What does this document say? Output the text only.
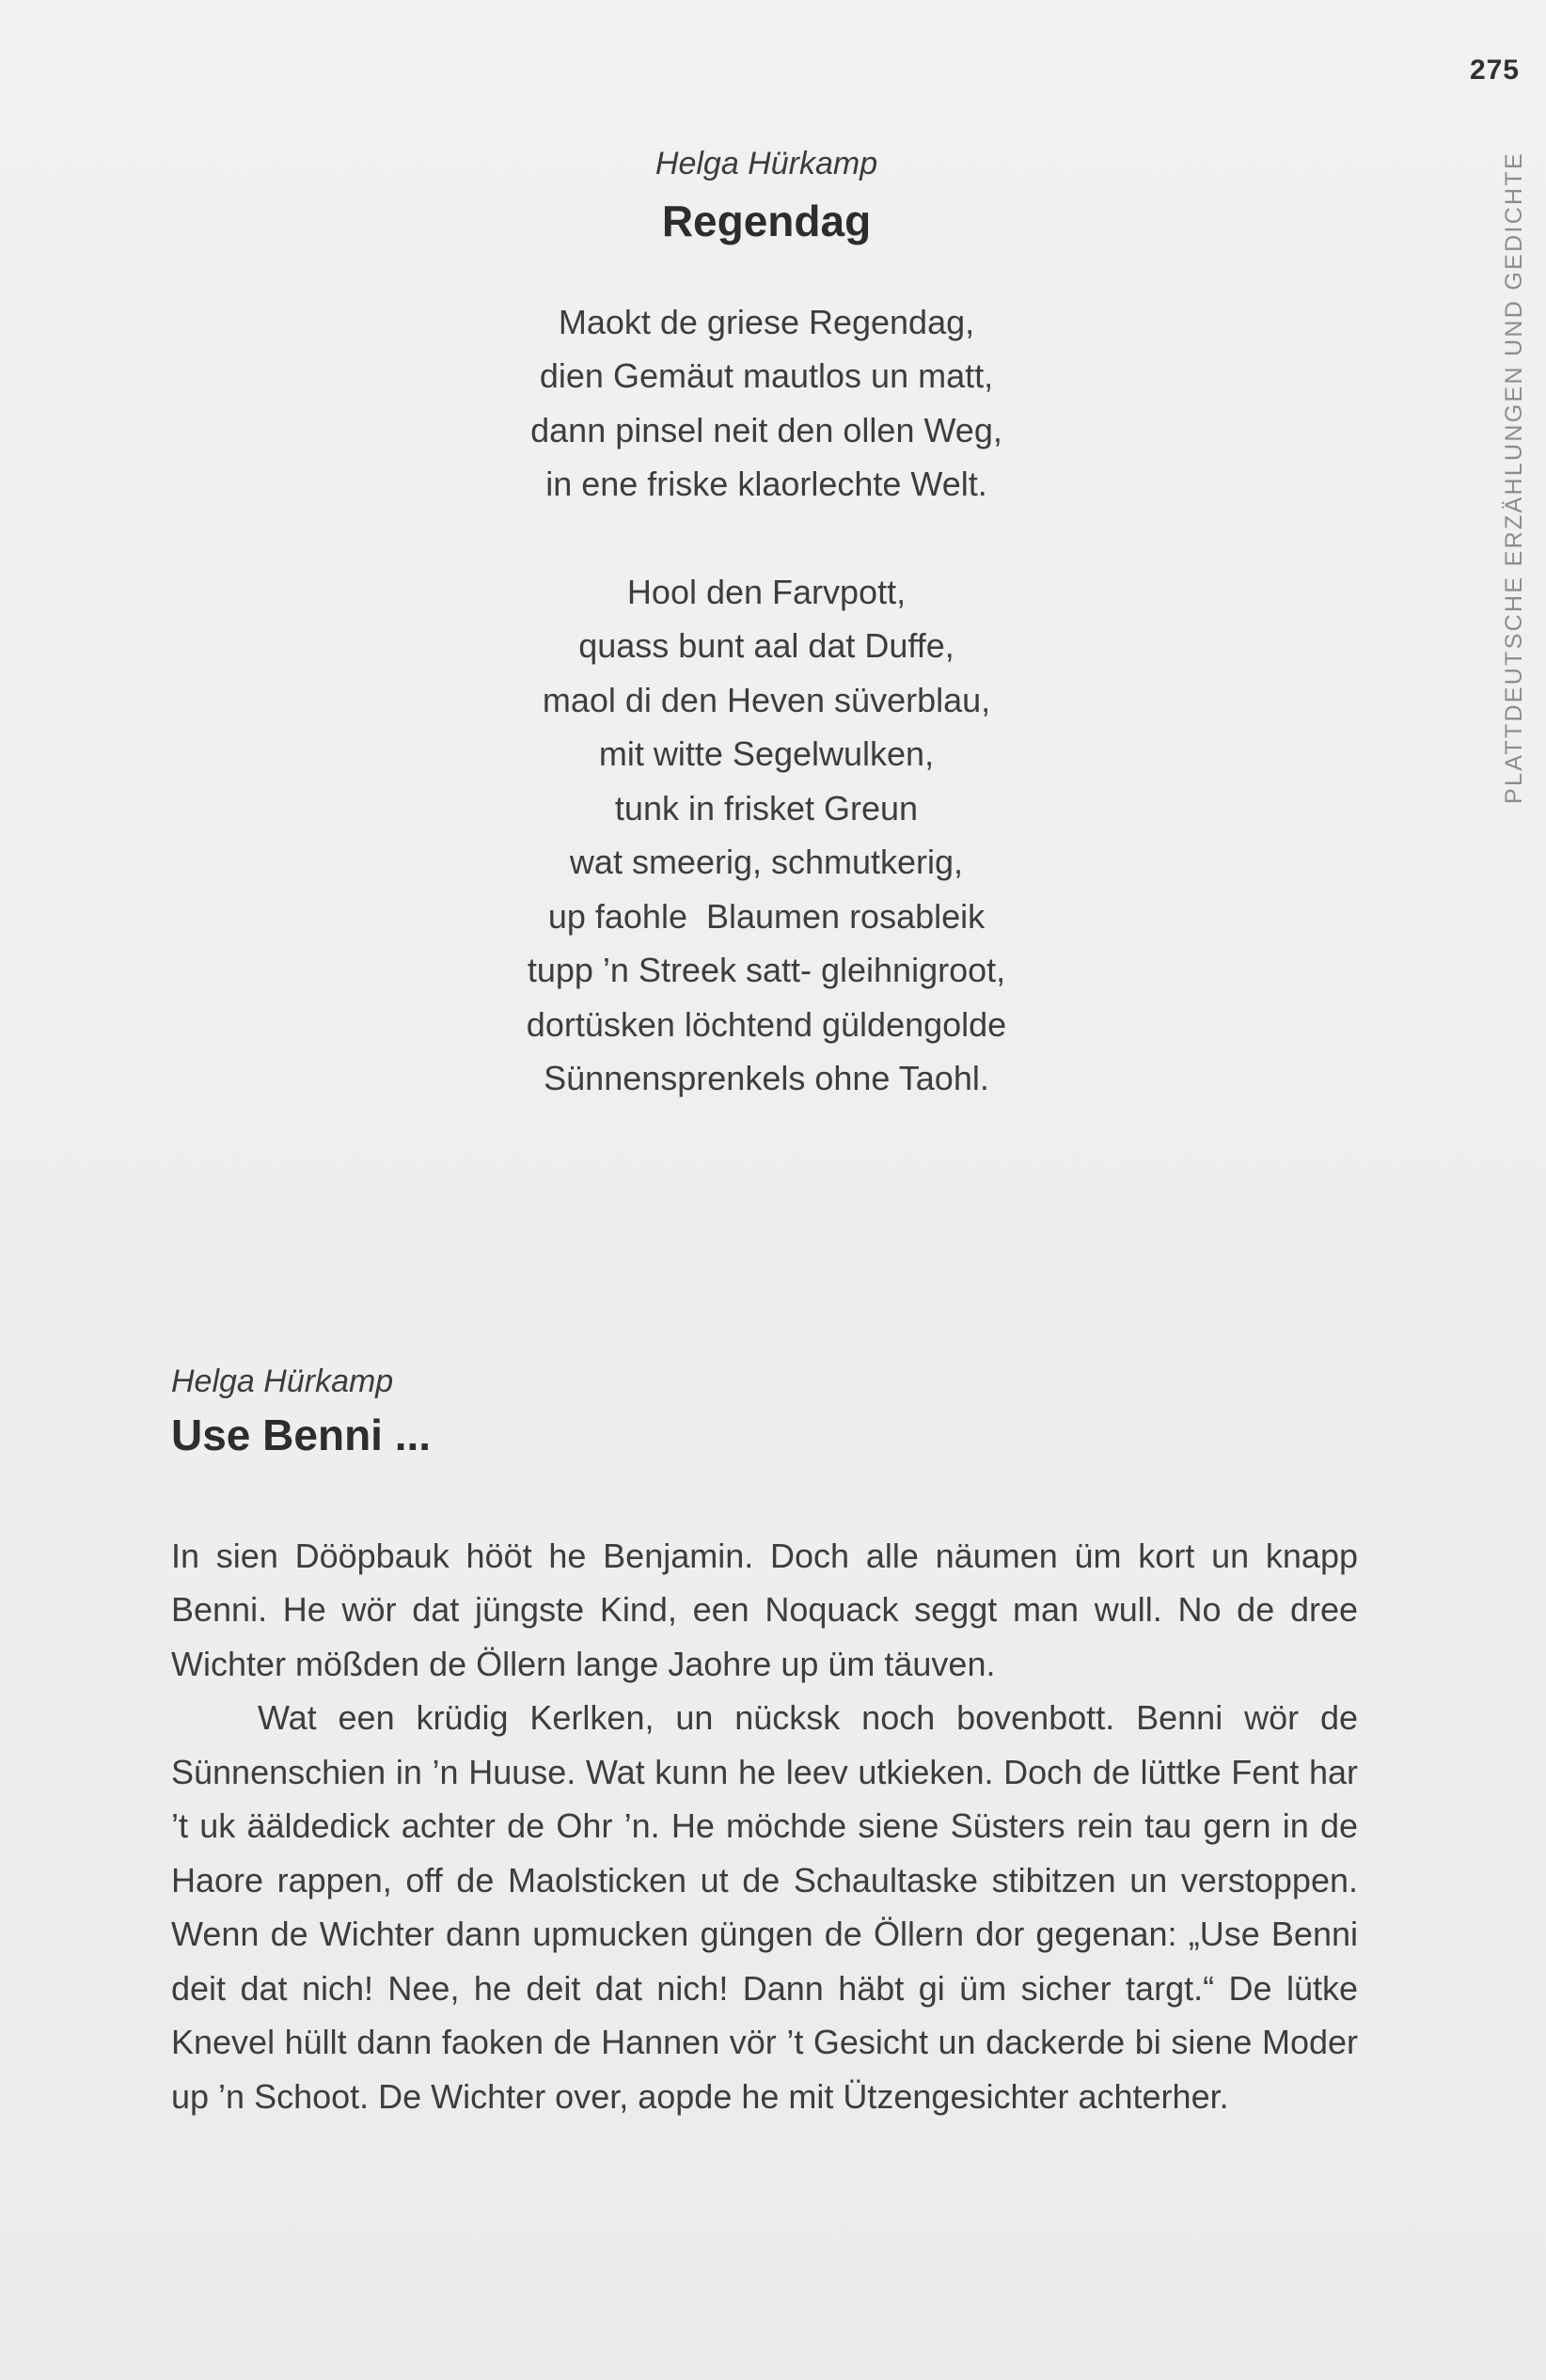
275
PLATTDEUTSCHE ERZÄHLUNGEN UND GEDICHTE

Helga Hürkamp

Regendag
Maokt de griese Regendag,
dien Gemäut mautlos un matt,
dann pinsel neit den ollen Weg,
in ene friske klaorlechte Welt.
Hool den Farvpott,
quass bunt aal dat Duffe,
maol di den Heven süverblau,
mit witte Segelwulken,
tunk in frisket Greun
wat smeerig, schmutkerig,
up faohle  Blaumen rosableik
tupp ’n Streek satt- gleihnigroot,
dortüsken löchtend güldengolde
Sünnensprenkels ohne Taohl.

Helga Hürkamp

Use Benni ...

In sien Dööpbauk hööt he Benjamin. Doch alle näumen üm kort un knapp Benni. He wör dat jüngste Kind, een Noquack seggt man wull. No de dree Wichter mößden de Öllern lange Jaohre up üm täuven.

Wat een krüdig Kerlken, un nücksk noch bovenbott. Benni wör de Sünnenschien in ’n Huuse. Wat kunn he leev utkieken. Doch de lüttke Fent har ’t uk ääldedick achter de Ohr ’n. He möchde siene Süsters rein tau gern in de Haore rappen, off de Maolsticken ut de Schaultaske stibitzen un verstoppen. Wenn de Wichter dann upmucken güngen de Öllern dor gegenan: „Use Benni deit dat nich! Nee, he deit dat nich! Dann häbt gi üm sicher targt.“ De lütke Knevel hüllt dann faoken de Hannen vör ’t Gesicht un dackerde bi siene Moder up ’n Schoot. De Wichter over, aopde he mit Ützengesichter achterher.
